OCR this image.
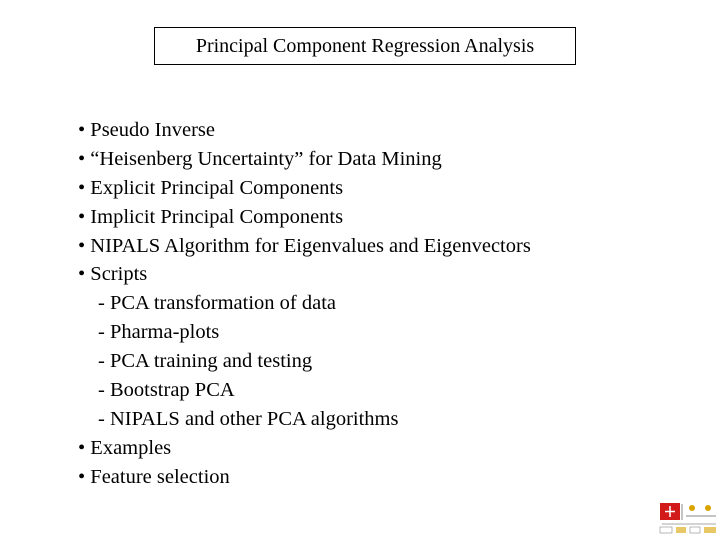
Principal Component Regression Analysis
• Pseudo Inverse
• “Heisenberg Uncertainty” for Data Mining
• Explicit Principal Components
• Implicit Principal Components
• NIPALS Algorithm for Eigenvalues and Eigenvectors
• Scripts
- PCA transformation of data
- Pharma-plots
- PCA training and testing
- Bootstrap PCA
- NIPALS and other PCA algorithms
• Examples
• Feature selection
